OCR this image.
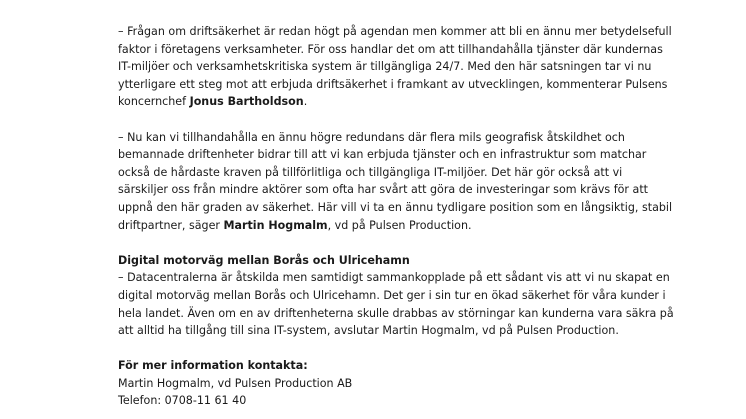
– Frågan om driftsäkerhet är redan högt på agendan men kommer att bli en ännu mer betydelsefull

faktor i företagens verksamheter. För oss handlar det om att tillhandahålla tjänster där kundernas

IT-miljöer och verksamhetskritiska system är tillgängliga 24/7. Med den här satsningen tar vi nu

ytterligare ett steg mot att erbjuda driftsäkerhet i framkant av utvecklingen, kommenterar Pulsens

koncernchef Jonus Bartholdson.

– Nu kan vi tillhandahålla en ännu högre redundans där flera mils geografisk åtskildhet och

bemannade driftenheter bidrar till att vi kan erbjuda tjänster och en infrastruktur som matchar

också de hårdaste kraven på tillförlitliga och tillgängliga IT-miljöer. Det här gör också att vi

särskiljer oss från mindre aktörer som ofta har svårt att göra de investeringar som krävs för att

uppnå den här graden av säkerhet. Här vill vi ta en ännu tydligare position som en långsiktig, stabil

driftpartner, säger Martin Hogmalm, vd på Pulsen Production.

Digital motorväg mellan Borås och Ulricehamn

– Datacentralerna är åtskilda men samtidigt sammankopplade på ett sådant vis att vi nu skapat en

digital motorväg mellan Borås och Ulricehamn. Det ger i sin tur en ökad säkerhet för våra kunder i

hela landet. Även om en av driftenheterna skulle drabbas av störningar kan kunderna vara säkra på

att alltid ha tillgång till sina IT-system, avslutar Martin Hogmalm, vd på Pulsen Production.

För mer information kontakta:

Martin Hogmalm, vd Pulsen Production AB

Telefon: 0708-11 61 40
